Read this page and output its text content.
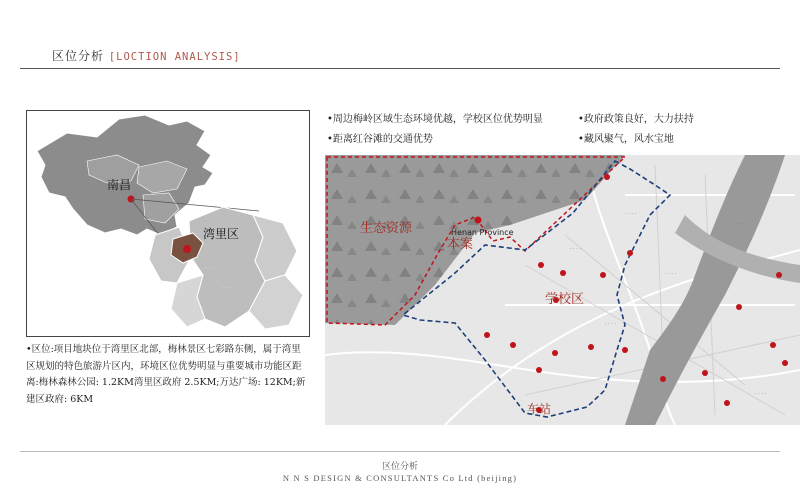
区位分析 [LOCTION ANALYSIS]
南昌
湾里区
· · ·
· · ·
•区位:项目地块位于湾里区北部，梅林景区七彩路东侧，属于湾里区规划的特色旅游片区内，环境区位优势明显与重要城市功能区距离:梅林森林公园: 1.2KM湾里区政府 2.5KM;万达广场: 12KM;新建区政府: 6KM
•周边梅岭区域生态环境优越，学校区位优势明显
•距离红谷滩的交通优势
•政府政策良好，大力扶持
•藏风聚气，风水宝地
· · · ·
· · · ·
· · · ·
· · · ·
· · · ·
· · · ·
生态资源
本案
Henan Province
学校区
车站
区位分析
N N S DESIGN & CONSULTANTS Co Ltd (beijing)
